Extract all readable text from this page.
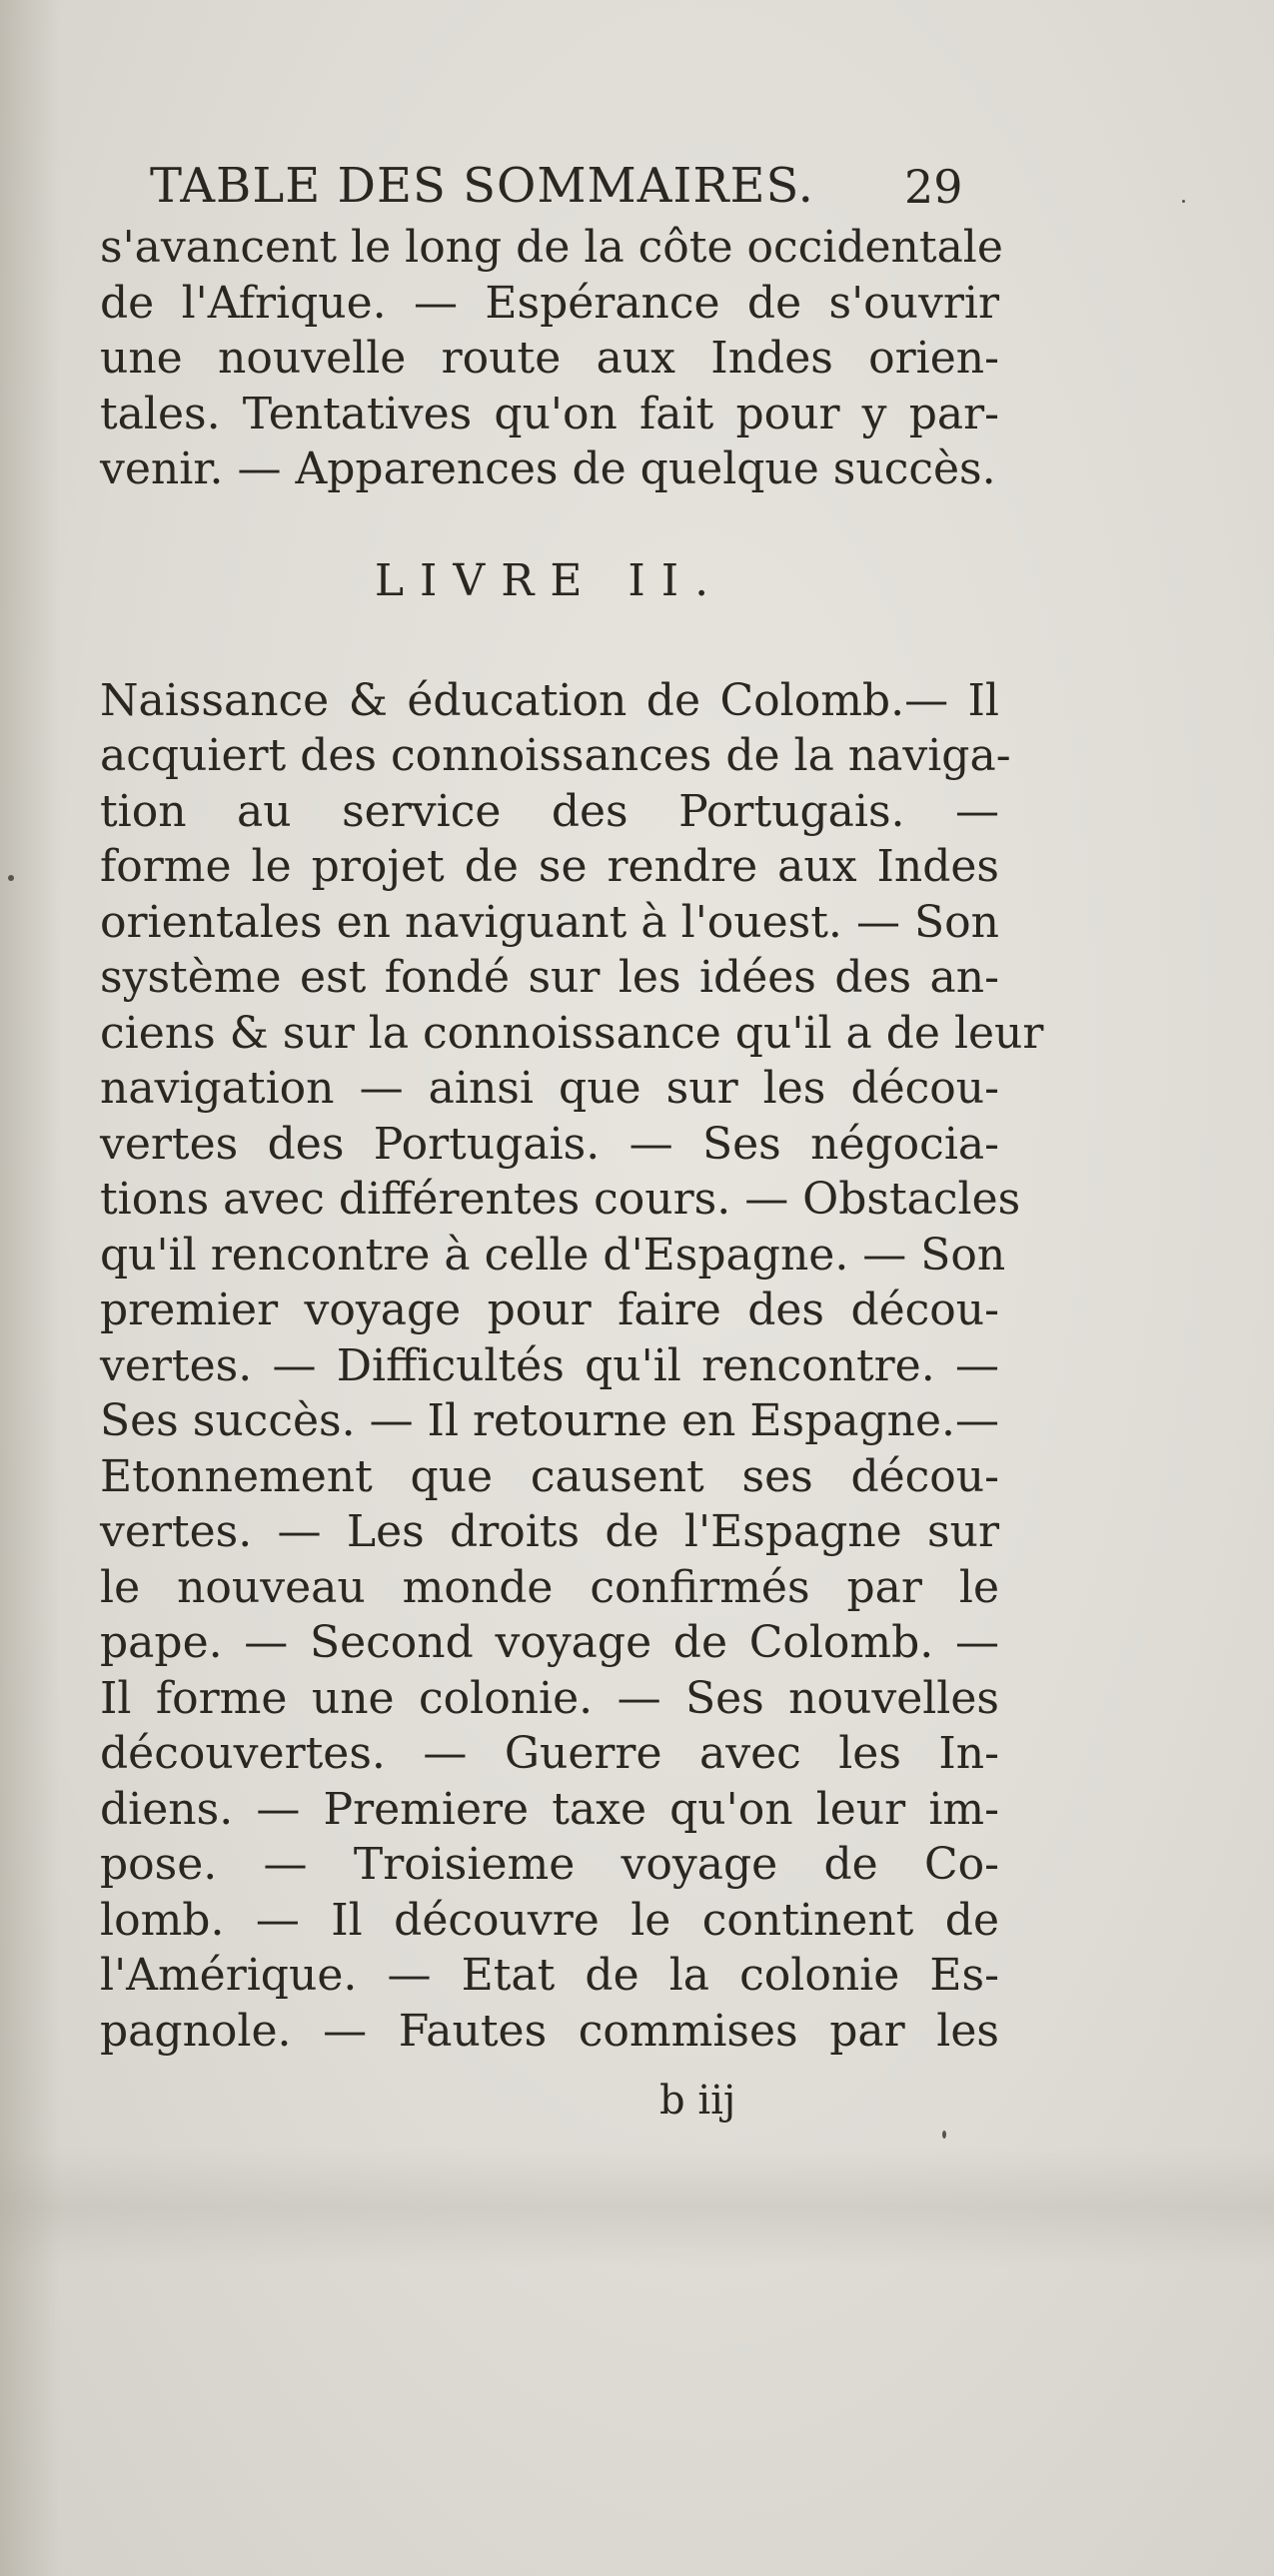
TABLE DES SOMMAIRES. 29
s'avancent le long de la côte occidentale
de l'Afrique. — Espérance de s'ouvrir
une nouvelle route aux Indes orien-
tales. Tentatives qu'on fait pour y par-
venir. — Apparences de quelque succès.
LIVRE II.
Naissance & éducation de Colomb.— Il
acquiert des connoissances de la naviga-
tion au service des Portugais. —
forme le projet de se rendre aux Indes
orientales en naviguant à l'ouest. — Son
système est fondé sur les idées des an-
ciens & sur la connoissance qu'il a de leur
navigation — ainsi que sur les décou-
vertes des Portugais. — Ses négocia-
tions avec différentes cours. — Obstacles
qu'il rencontre à celle d'Espagne. — Son
premier voyage pour faire des décou-
vertes. — Difficultés qu'il rencontre. —
Ses succès. — Il retourne en Espagne.—
Etonnement que causent ses décou-
vertes. — Les droits de l'Espagne sur
le nouveau monde confirmés par le
pape. — Second voyage de Colomb. —
Il forme une colonie. — Ses nouvelles
découvertes. — Guerre avec les In-
diens. — Premiere taxe qu'on leur im-
pose. — Troisieme voyage de Co-
lomb. — Il découvre le continent de
l'Amérique. — Etat de la colonie Es-
pagnole. — Fautes commises par les
b iij
